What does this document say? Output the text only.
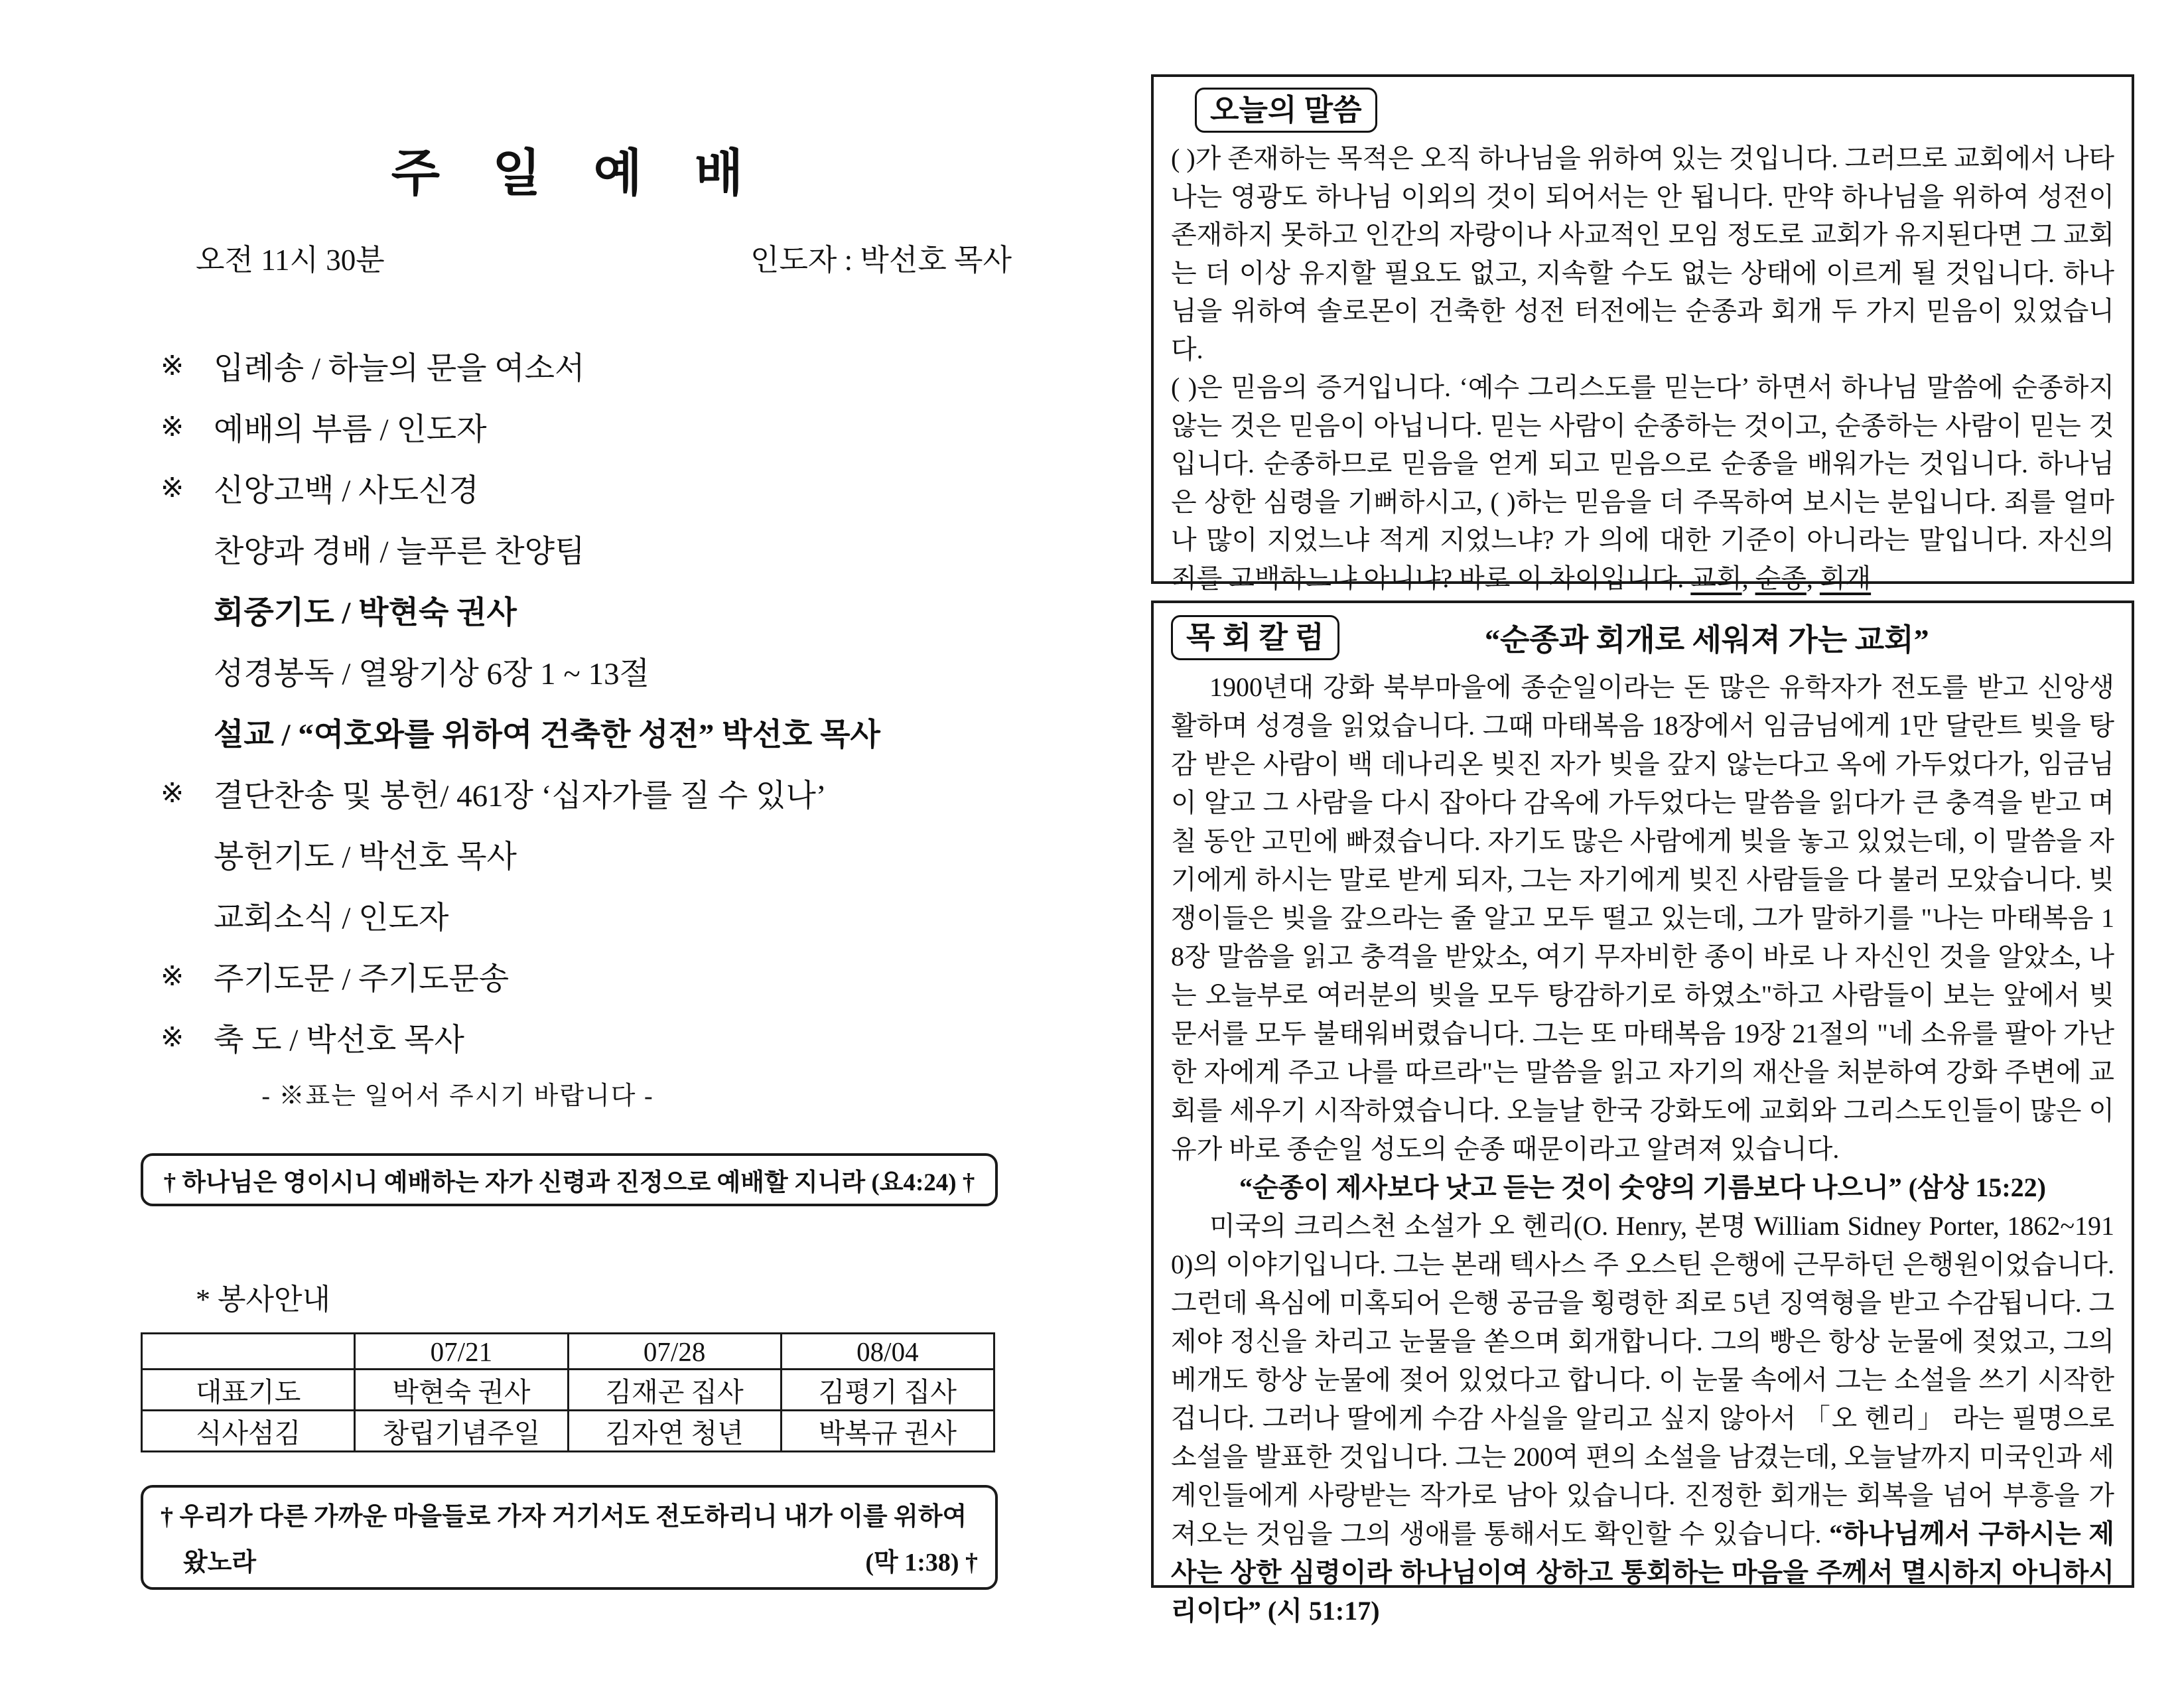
주 일 예 배
오전 11시 30분	인도자 : 박선호 목사
※ 입례송 / 하늘의 문을 여소서
※ 예배의 부름 / 인도자
※ 신앙고백 / 사도신경
찬양과 경배 / 늘푸른 찬양팀
회중기도 / 박현숙 권사
성경봉독 / 열왕기상 6장 1 ~ 13절
설교 / “여호와를 위하여 건축한 성전” 박선호 목사
※ 결단찬송 및 봉헌/ 461장 ‘십자가를 질 수 있나’
봉헌기도 / 박선호 목사
교회소식 / 인도자
※ 주기도문 / 주기도문송
※ 축 도 / 박선호 목사
- ※표는 일어서 주시기 바랍니다 -
† 하나님은 영이시니 예배하는 자가 신령과 진정으로 예배할 지니라 (요4:24) †
* 봉사안내
	07/21	07/28	08/04
대표기도	박현숙 권사	김재곤 집사	김평기 집사
식사섬김	창립기념주일	김자연 청년	박복규 권사
† 우리가 다른 가까운 마을들로 가자 거기서도 전도하리니 내가 이를 위하여
왔노라	(막 1:38) †
오늘의 말씀

( )가 존재하는 목적은 오직 하나님을 위하여 있는 것입니다. 그러므로 교회에서 나타나는 영광도 하나님 이외의 것이 되어서는 안 됩니다. 만약 하나님을 위하여 성전이 존재하지 못하고 인간의 자랑이나 사교적인 모임 정도로 교회가 유지된다면 그 교회는 더 이상 유지할 필요도 없고, 지속할 수도 없는 상태에 이르게 될 것입니다. 하나님을 위하여 솔로몬이 건축한 성전 터전에는 순종과 회개 두 가지 믿음이 있었습니다.

( )은 믿음의 증거입니다. ‘예수 그리스도를 믿는다’ 하면서 하나님 말씀에 순종하지 않는 것은 믿음이 아닙니다. 믿는 사람이 순종하는 것이고, 순종하는 사람이 믿는 것입니다. 순종하므로 믿음을 얻게 되고 믿음으로 순종을 배워가는 것입니다. 하나님은 상한 심령을 기뻐하시고, ( )하는 믿음을 더 주목하여 보시는 분입니다. 죄를 얼마나 많이 지었느냐 적게 지었느냐? 가 의에 대한 기준이 아니라는 말입니다. 자신의 죄를 고백하느냐 아니냐? 바로 이 차이입니다. 교회, 순종, 회개

목 회 칼 럼	“순종과 회개로 세워져 가는 교회”

1900년대 강화 북부마을에 종순일이라는 돈 많은 유학자가 전도를 받고 신앙생활하며 성경을 읽었습니다. 그때 마태복음 18장에서 임금님에게 1만 달란트 빚을 탕감 받은 사람이 백 데나리온 빚진 자가 빚을 갚지 않는다고 옥에 가두었다가, 임금님이 알고 그 사람을 다시 잡아다 감옥에 가두었다는 말씀을 읽다가 큰 충격을 받고 며칠 동안 고민에 빠졌습니다. 자기도 많은 사람에게 빚을 놓고 있었는데, 이 말씀을 자기에게 하시는 말로 받게 되자, 그는 자기에게 빚진 사람들을 다 불러 모았습니다. 빚쟁이들은 빚을 갚으라는 줄 알고 모두 떨고 있는데, 그가 말하기를 "나는 마태복음 18장 말씀을 읽고 충격을 받았소, 여기 무자비한 종이 바로 나 자신인 것을 알았소, 나는 오늘부로 여러분의 빚을 모두 탕감하기로 하였소"하고 사람들이 보는 앞에서 빚 문서를 모두 불태워버렸습니다. 그는 또 마태복음 19장 21절의 "네 소유를 팔아 가난한 자에게 주고 나를 따르라"는 말씀을 읽고 자기의 재산을 처분하여 강화 주변에 교회를 세우기 시작하였습니다. 오늘날 한국 강화도에 교회와 그리스도인들이 많은 이유가 바로 종순일 성도의 순종 때문이라고 알려져 있습니다.

“순종이 제사보다 낫고 듣는 것이 숫양의 기름보다 나으니” (삼상 15:22)

미국의 크리스천 소설가 오 헨리(O. Henry, 본명 William Sidney Porter, 1862~1910)의 이야기입니다. 그는 본래 텍사스 주 오스틴 은행에 근무하던 은행원이었습니다. 그런데 욕심에 미혹되어 은행 공금을 횡령한 죄로 5년 징역형을 받고 수감됩니다. 그제야 정신을 차리고 눈물을 쏟으며 회개합니다. 그의 빵은 항상 눈물에 젖었고, 그의 베개도 항상 눈물에 젖어 있었다고 합니다. 이 눈물 속에서 그는 소설을 쓰기 시작한 겁니다. 그러나 딸에게 수감 사실을 알리고 싶지 않아서 「오 헨리」 라는 필명으로 소설을 발표한 것입니다. 그는 200여 편의 소설을 남겼는데, 오늘날까지 미국인과 세계인들에게 사랑받는 작가로 남아 있습니다. 진정한 회개는 회복을 넘어 부흥을 가져오는 것임을 그의 생애를 통해서도 확인할 수 있습니다. “하나님께서 구하시는 제사는 상한 심령이라 하나님이여 상하고 통회하는 마음을 주께서 멸시하지 아니하시리이다” (시 51:17)
